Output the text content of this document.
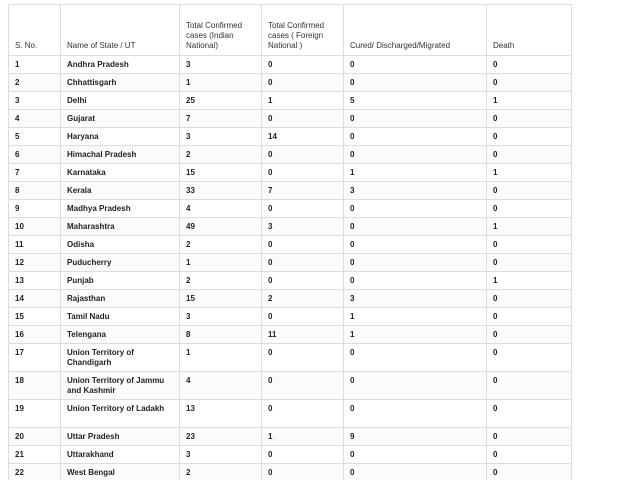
S. No.	Name of State / UT	Total Confirmed cases (Indian National)	Total Confirmed cases ( Foreign National )	Cured/ Discharged/Migrated	Death
1	Andhra Pradesh	3	0	0	0
2	Chhattisgarh	1	0	0	0
3	Delhi	25	1	5	1
4	Gujarat	7	0	0	0
5	Haryana	3	14	0	0
6	Himachal Pradesh	2	0	0	0
7	Karnataka	15	0	1	1
8	Kerala	33	7	3	0
9	Madhya Pradesh	4	0	0	0
10	Maharashtra	49	3	0	1
11	Odisha	2	0	0	0
12	Puducherry	1	0	0	0
13	Punjab	2	0	0	1
14	Rajasthan	15	2	3	0
15	Tamil Nadu	3	0	1	0
16	Telengana	8	11	1	0
17	Union Territory of Chandigarh	1	0	0	0
18	Union Territory of Jammu and Kashmir	4	0	0	0
19	Union Territory of Ladakh	13	0	0	0
20	Uttar Pradesh	23	1	9	0
21	Uttarakhand	3	0	0	0
22	West Bengal	2	0	0	0
